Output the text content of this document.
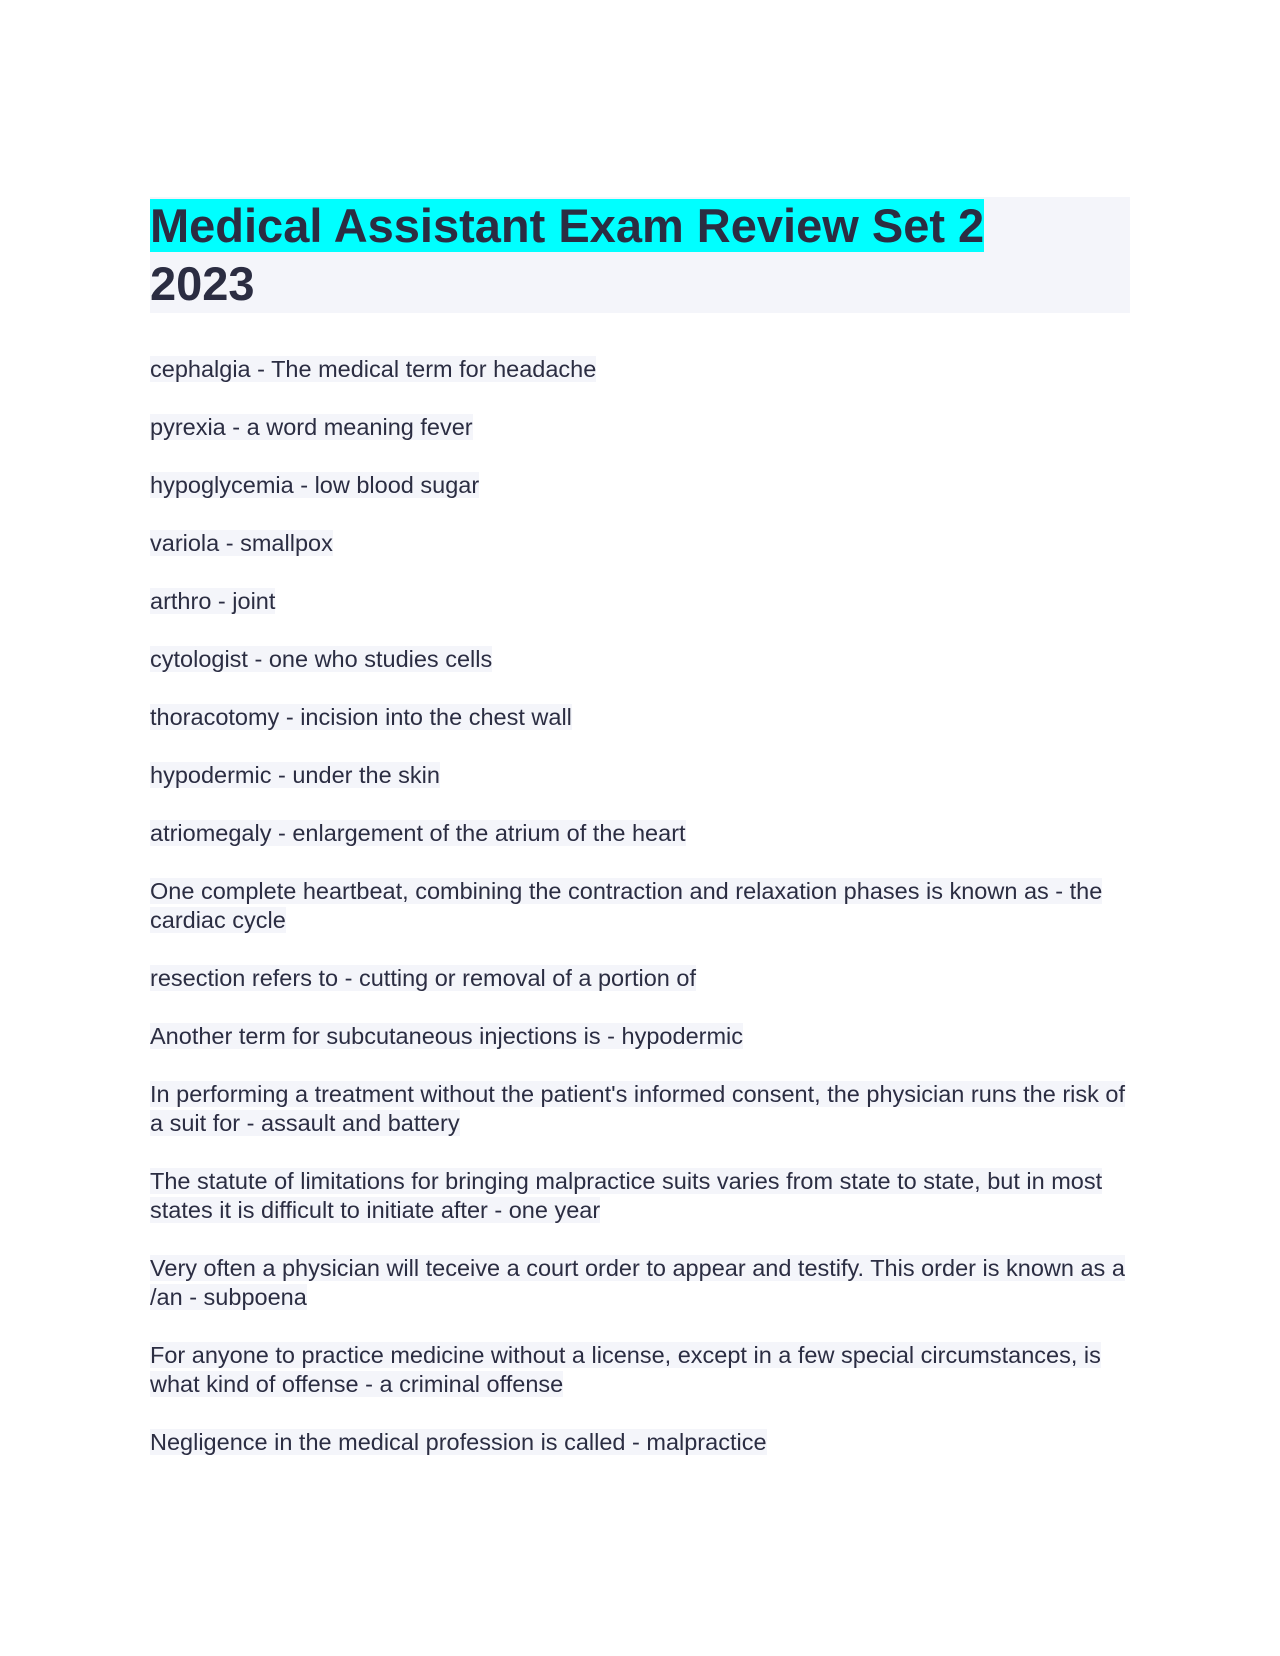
Medical Assistant Exam Review Set 2
2023

cephalgia - The medical term for headache

pyrexia - a word meaning fever

hypoglycemia - low blood sugar

variola - smallpox

arthro - joint

cytologist - one who studies cells

thoracotomy - incision into the chest wall

hypodermic - under the skin

atriomegaly - enlargement of the atrium of the heart

One complete heartbeat, combining the contraction and relaxation phases is known as - the cardiac cycle

resection refers to - cutting or removal of a portion of

Another term for subcutaneous injections is - hypodermic

In performing a treatment without the patient's informed consent, the physician runs the risk of a suit for - assault and battery

The statute of limitations for bringing malpractice suits varies from state to state, but in most states it is difficult to initiate after - one year

Very often a physician will teceive a court order to appear and testify. This order is known as a /an - subpoena

For anyone to practice medicine without a license, except in a few special circumstances, is what kind of offense - a criminal offense

Negligence in the medical profession is called - malpractice
